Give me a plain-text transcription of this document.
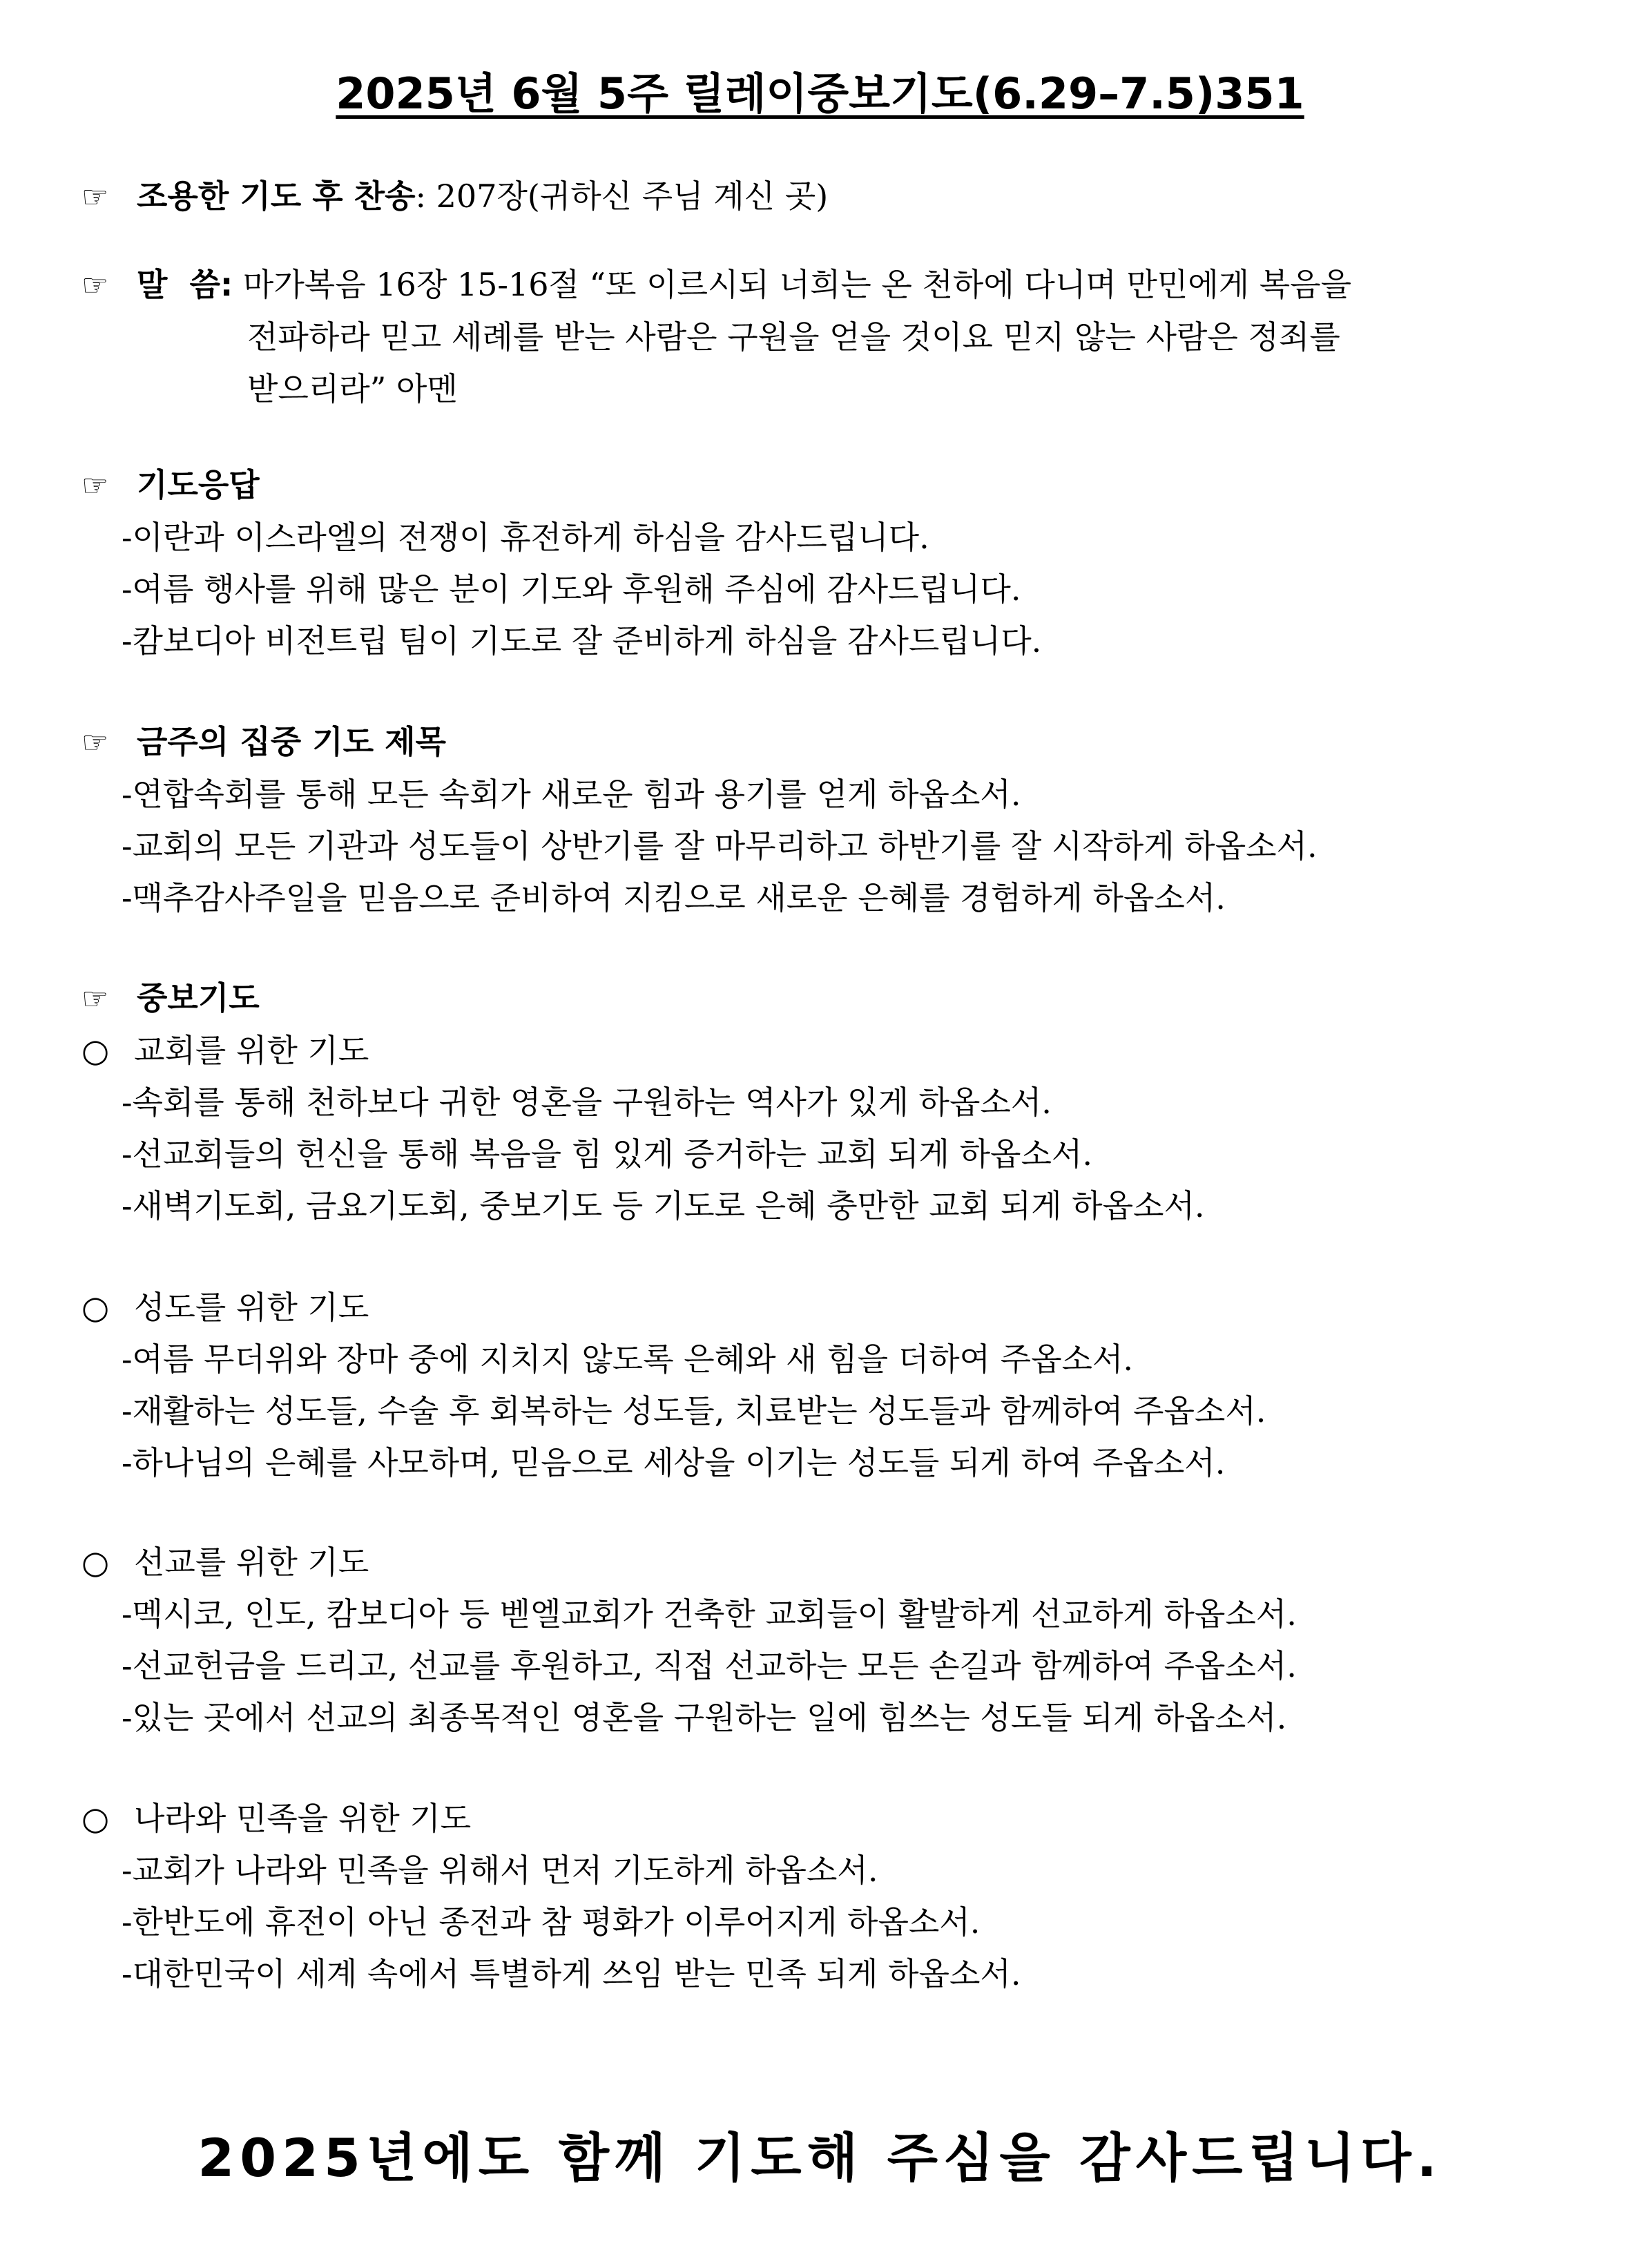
2025년 6월 5주 릴레이중보기도(6.29–7.5)351
☞ 조용한 기도 후 찬송: 207장(귀하신 주님 계신 곳)
☞ 말  씀: 마가복음 16장 15-16절 “또 이르시되 너희는 온 천하에 다니며 만민에게 복음을
전파하라 믿고 세례를 받는 사람은 구원을 얻을 것이요 믿지 않는 사람은 정죄를
받으리라” 아멘
☞ 기도응답
-이란과 이스라엘의 전쟁이 휴전하게 하심을 감사드립니다.
-여름 행사를 위해 많은 분이 기도와 후원해 주심에 감사드립니다.
-캄보디아 비전트립 팀이 기도로 잘 준비하게 하심을 감사드립니다.
☞ 금주의 집중 기도 제목
-연합속회를 통해 모든 속회가 새로운 힘과 용기를 얻게 하옵소서.
-교회의 모든 기관과 성도들이 상반기를 잘 마무리하고 하반기를 잘 시작하게 하옵소서.
-맥추감사주일을 믿음으로 준비하여 지킴으로 새로운 은혜를 경험하게 하옵소서.
☞ 중보기도
○ 교회를 위한 기도
-속회를 통해 천하보다 귀한 영혼을 구원하는 역사가 있게 하옵소서.
-선교회들의 헌신을 통해 복음을 힘 있게 증거하는 교회 되게 하옵소서.
-새벽기도회, 금요기도회, 중보기도 등 기도로 은혜 충만한 교회 되게 하옵소서.
○ 성도를 위한 기도
-여름 무더위와 장마 중에 지치지 않도록 은혜와 새 힘을 더하여 주옵소서.
-재활하는 성도들, 수술 후 회복하는 성도들, 치료받는 성도들과 함께하여 주옵소서.
-하나님의 은혜를 사모하며, 믿음으로 세상을 이기는 성도들 되게 하여 주옵소서.
○ 선교를 위한 기도
-멕시코, 인도, 캄보디아 등 벧엘교회가 건축한 교회들이 활발하게 선교하게 하옵소서.
-선교헌금을 드리고, 선교를 후원하고, 직접 선교하는 모든 손길과 함께하여 주옵소서.
-있는 곳에서 선교의 최종목적인 영혼을 구원하는 일에 힘쓰는 성도들 되게 하옵소서.
○ 나라와 민족을 위한 기도
-교회가 나라와 민족을 위해서 먼저 기도하게 하옵소서.
-한반도에 휴전이 아닌 종전과 참 평화가 이루어지게 하옵소서.
-대한민국이 세계 속에서 특별하게 쓰임 받는 민족 되게 하옵소서.
2025년에도 함께 기도해 주심을 감사드립니다.
